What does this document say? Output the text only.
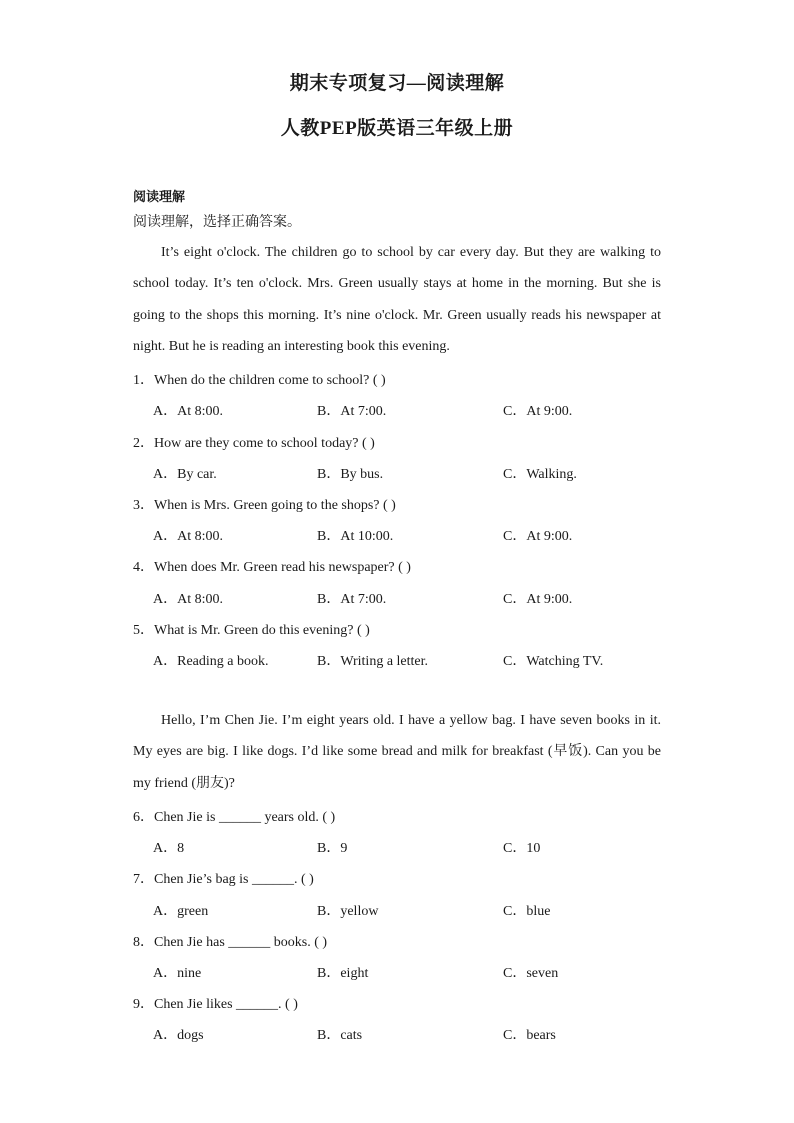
期末专项复习—阅读理解
人教PEP版英语三年级上册
阅读理解
阅读理解，选择正确答案。
It’s eight o'clock. The children go to school by car every day. But they are walking to
school today. It’s ten o'clock. Mrs. Green usually stays at home in the morning. But she is
going to the shops this morning. It’s nine o'clock. Mr. Green usually reads his newspaper at
night. But he is reading an interesting book this evening.
1．When do the children come to school? ( )
A．At 8:00.	B．At 7:00.	C．At 9:00.
2．How are they come to school today? ( )
A．By car.	B．By bus.	C．Walking.
3．When is Mrs. Green going to the shops? ( )
A．At 8:00.	B．At 10:00.	C．At 9:00.
4．When does Mr. Green read his newspaper? ( )
A．At 8:00.	B．At 7:00.	C．At 9:00.
5．What is Mr. Green do this evening? ( )
A．Reading a book.	B．Writing a letter.	C．Watching TV.
Hello, I’m Chen Jie. I’m eight years old. I have a yellow bag. I have seven books in it.
My eyes are big. I like dogs. I’d like some bread and milk for breakfast (早饭). Can you be
my friend (朋友)?
6．Chen Jie is ______ years old. ( )
A．8	B．9	C．10
7．Chen Jie’s bag is ______. ( )
A．green	B．yellow	C．blue
8．Chen Jie has ______ books. ( )
A．nine	B．eight	C．seven
9．Chen Jie likes ______. ( )
A．dogs	B．cats	C．bears
